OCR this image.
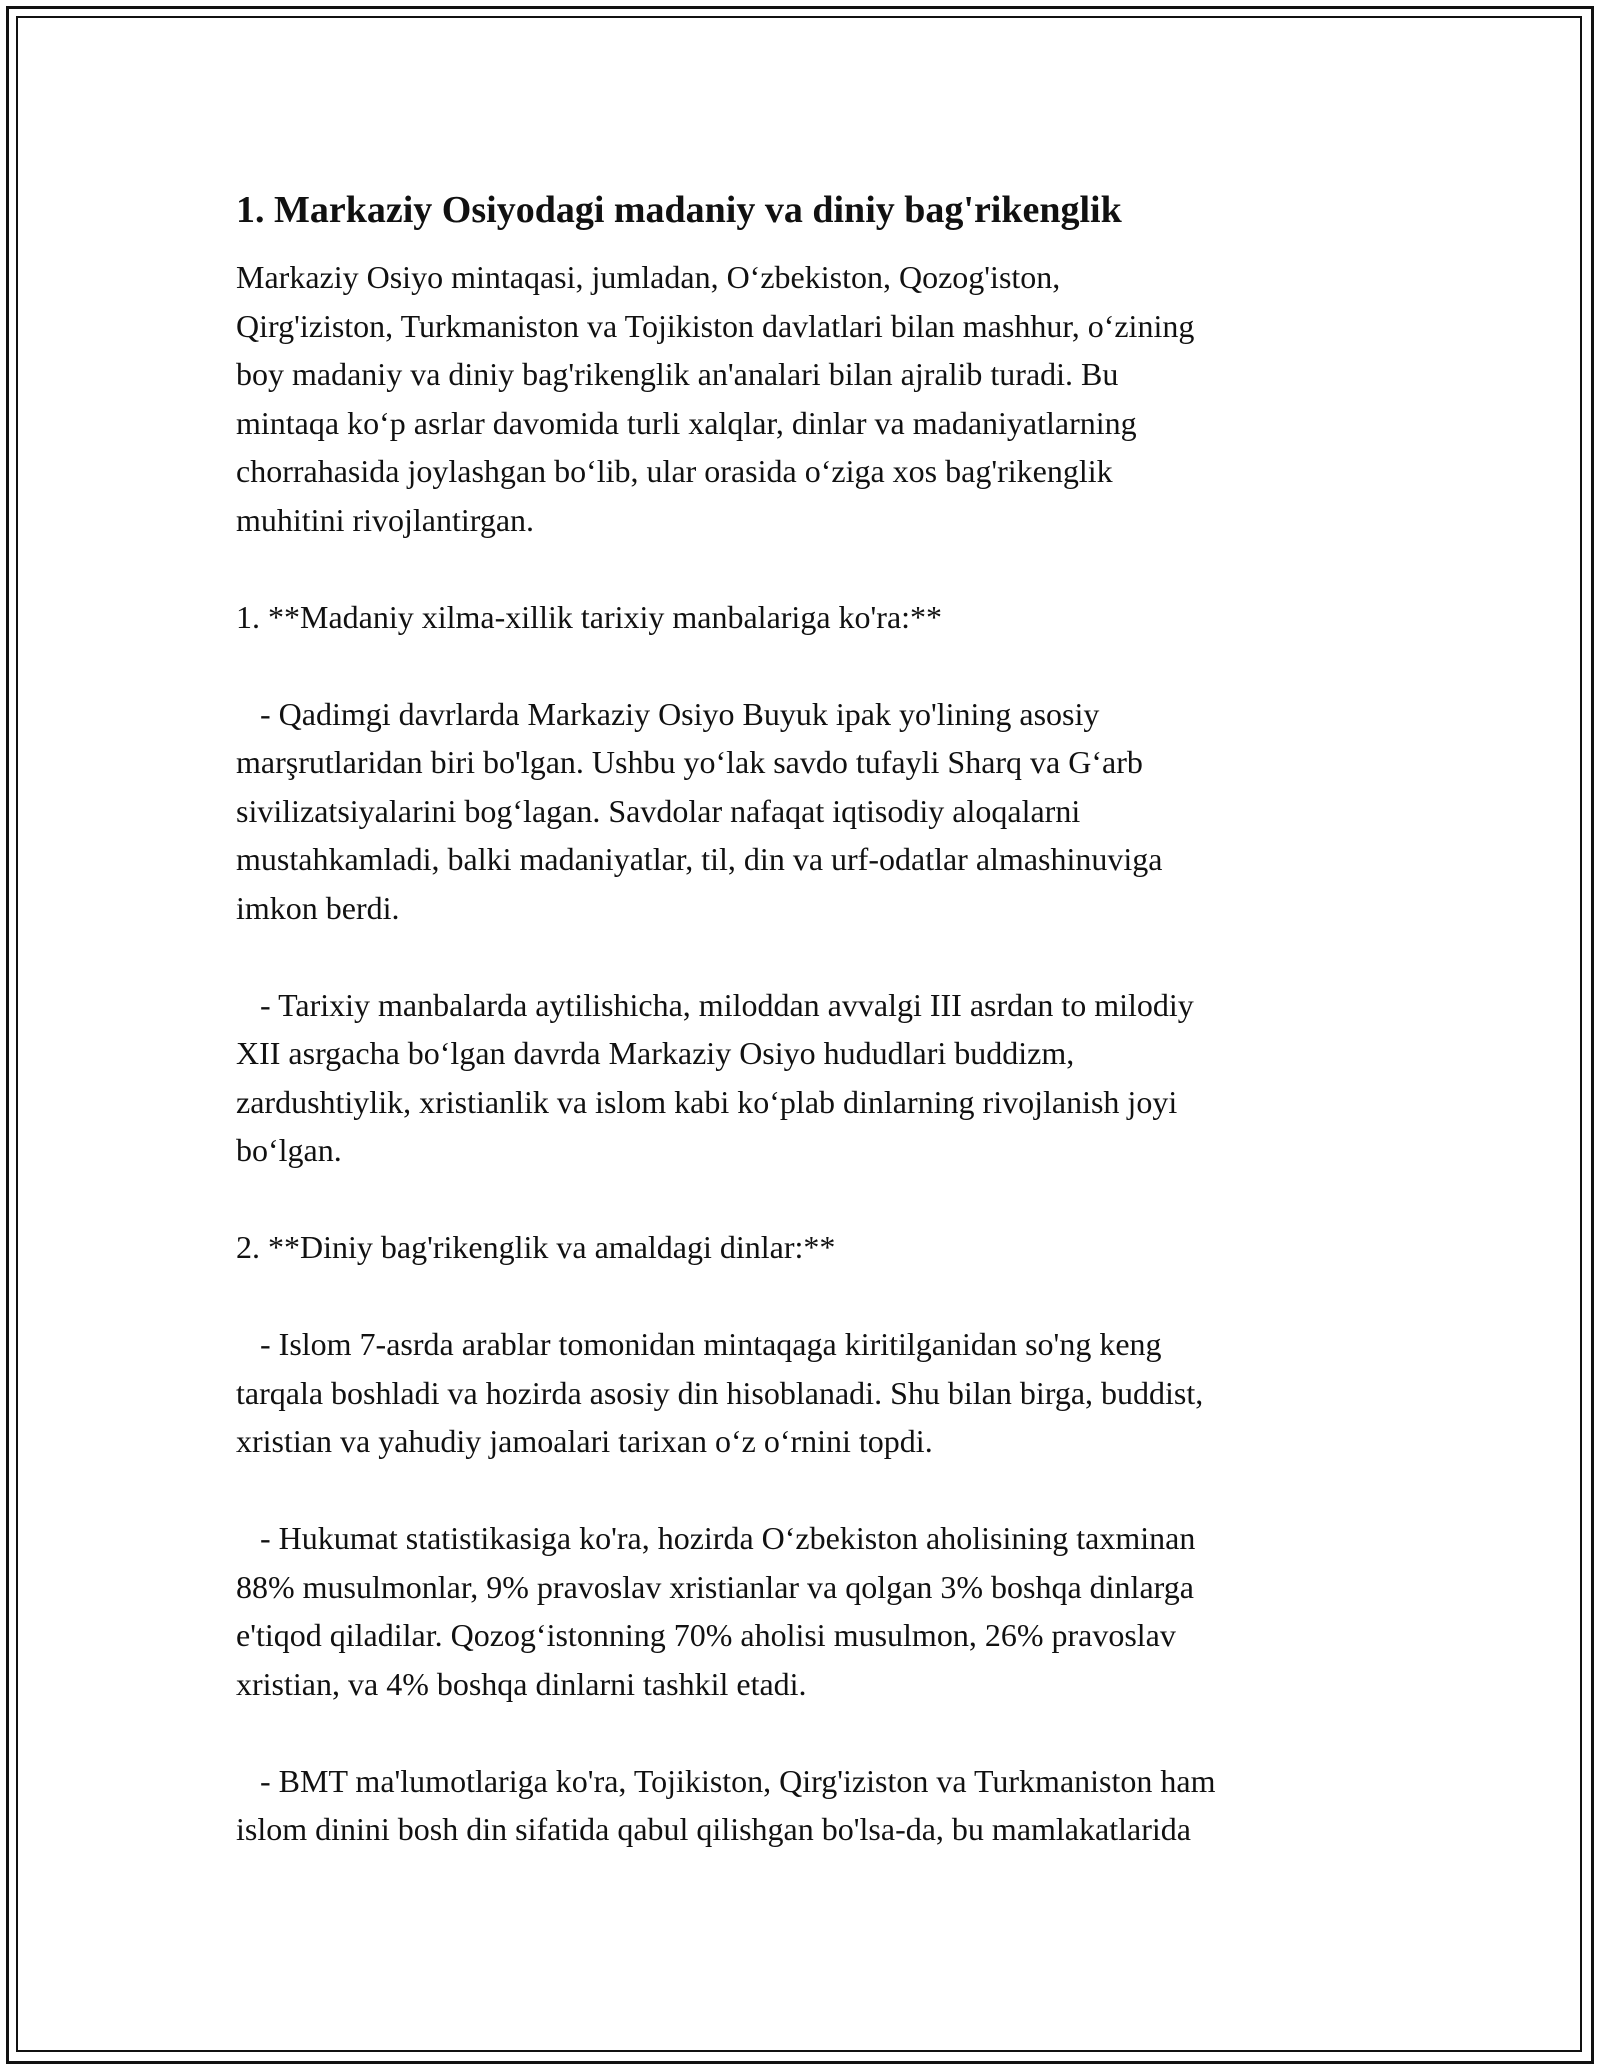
1. Markaziy Osiyodagi madaniy va diniy bag'rikenglik
Markaziy Osiyo mintaqasi, jumladan, O‘zbekiston, Qozog'iston,
Qirg'iziston, Turkmaniston va Tojikiston davlatlari bilan mashhur, o‘zining
boy madaniy va diniy bag'rikenglik an'analari bilan ajralib turadi. Bu
mintaqa ko‘p asrlar davomida turli xalqlar, dinlar va madaniyatlarning
chorrahasida joylashgan bo‘lib, ular orasida o‘ziga xos bag'rikenglik
muhitini rivojlantirgan.
1. **Madaniy xilma-xillik tarixiy manbalariga ko'ra:**
- Qadimgi davrlarda Markaziy Osiyo Buyuk ipak yo'lining asosiy
marşrutlaridan biri bo'lgan. Ushbu yo‘lak savdo tufayli Sharq va G‘arb
sivilizatsiyalarini bog‘lagan. Savdolar nafaqat iqtisodiy aloqalarni
mustahkamladi, balki madaniyatlar, til, din va urf-odatlar almashinuviga
imkon berdi.
- Tarixiy manbalarda aytilishicha, miloddan avvalgi III asrdan to milodiy
XII asrgacha bo‘lgan davrda Markaziy Osiyo hududlari buddizm,
zardushtiylik, xristianlik va islom kabi ko‘plab dinlarning rivojlanish joyi
bo‘lgan.
2. **Diniy bag'rikenglik va amaldagi dinlar:**
- Islom 7-asrda arablar tomonidan mintaqaga kiritilganidan so'ng keng
tarqala boshladi va hozirda asosiy din hisoblanadi. Shu bilan birga, buddist,
xristian va yahudiy jamoalari tarixan o‘z o‘rnini topdi.
- Hukumat statistikasiga ko'ra, hozirda O‘zbekiston aholisining taxminan
88% musulmonlar, 9% pravoslav xristianlar va qolgan 3% boshqa dinlarga
e'tiqod qiladilar. Qozog‘istonning 70% aholisi musulmon, 26% pravoslav
xristian, va 4% boshqa dinlarni tashkil etadi.
- BMT ma'lumotlariga ko'ra, Tojikiston, Qirg'iziston va Turkmaniston ham
islom dinini bosh din sifatida qabul qilishgan bo'lsa-da, bu mamlakatlarida
